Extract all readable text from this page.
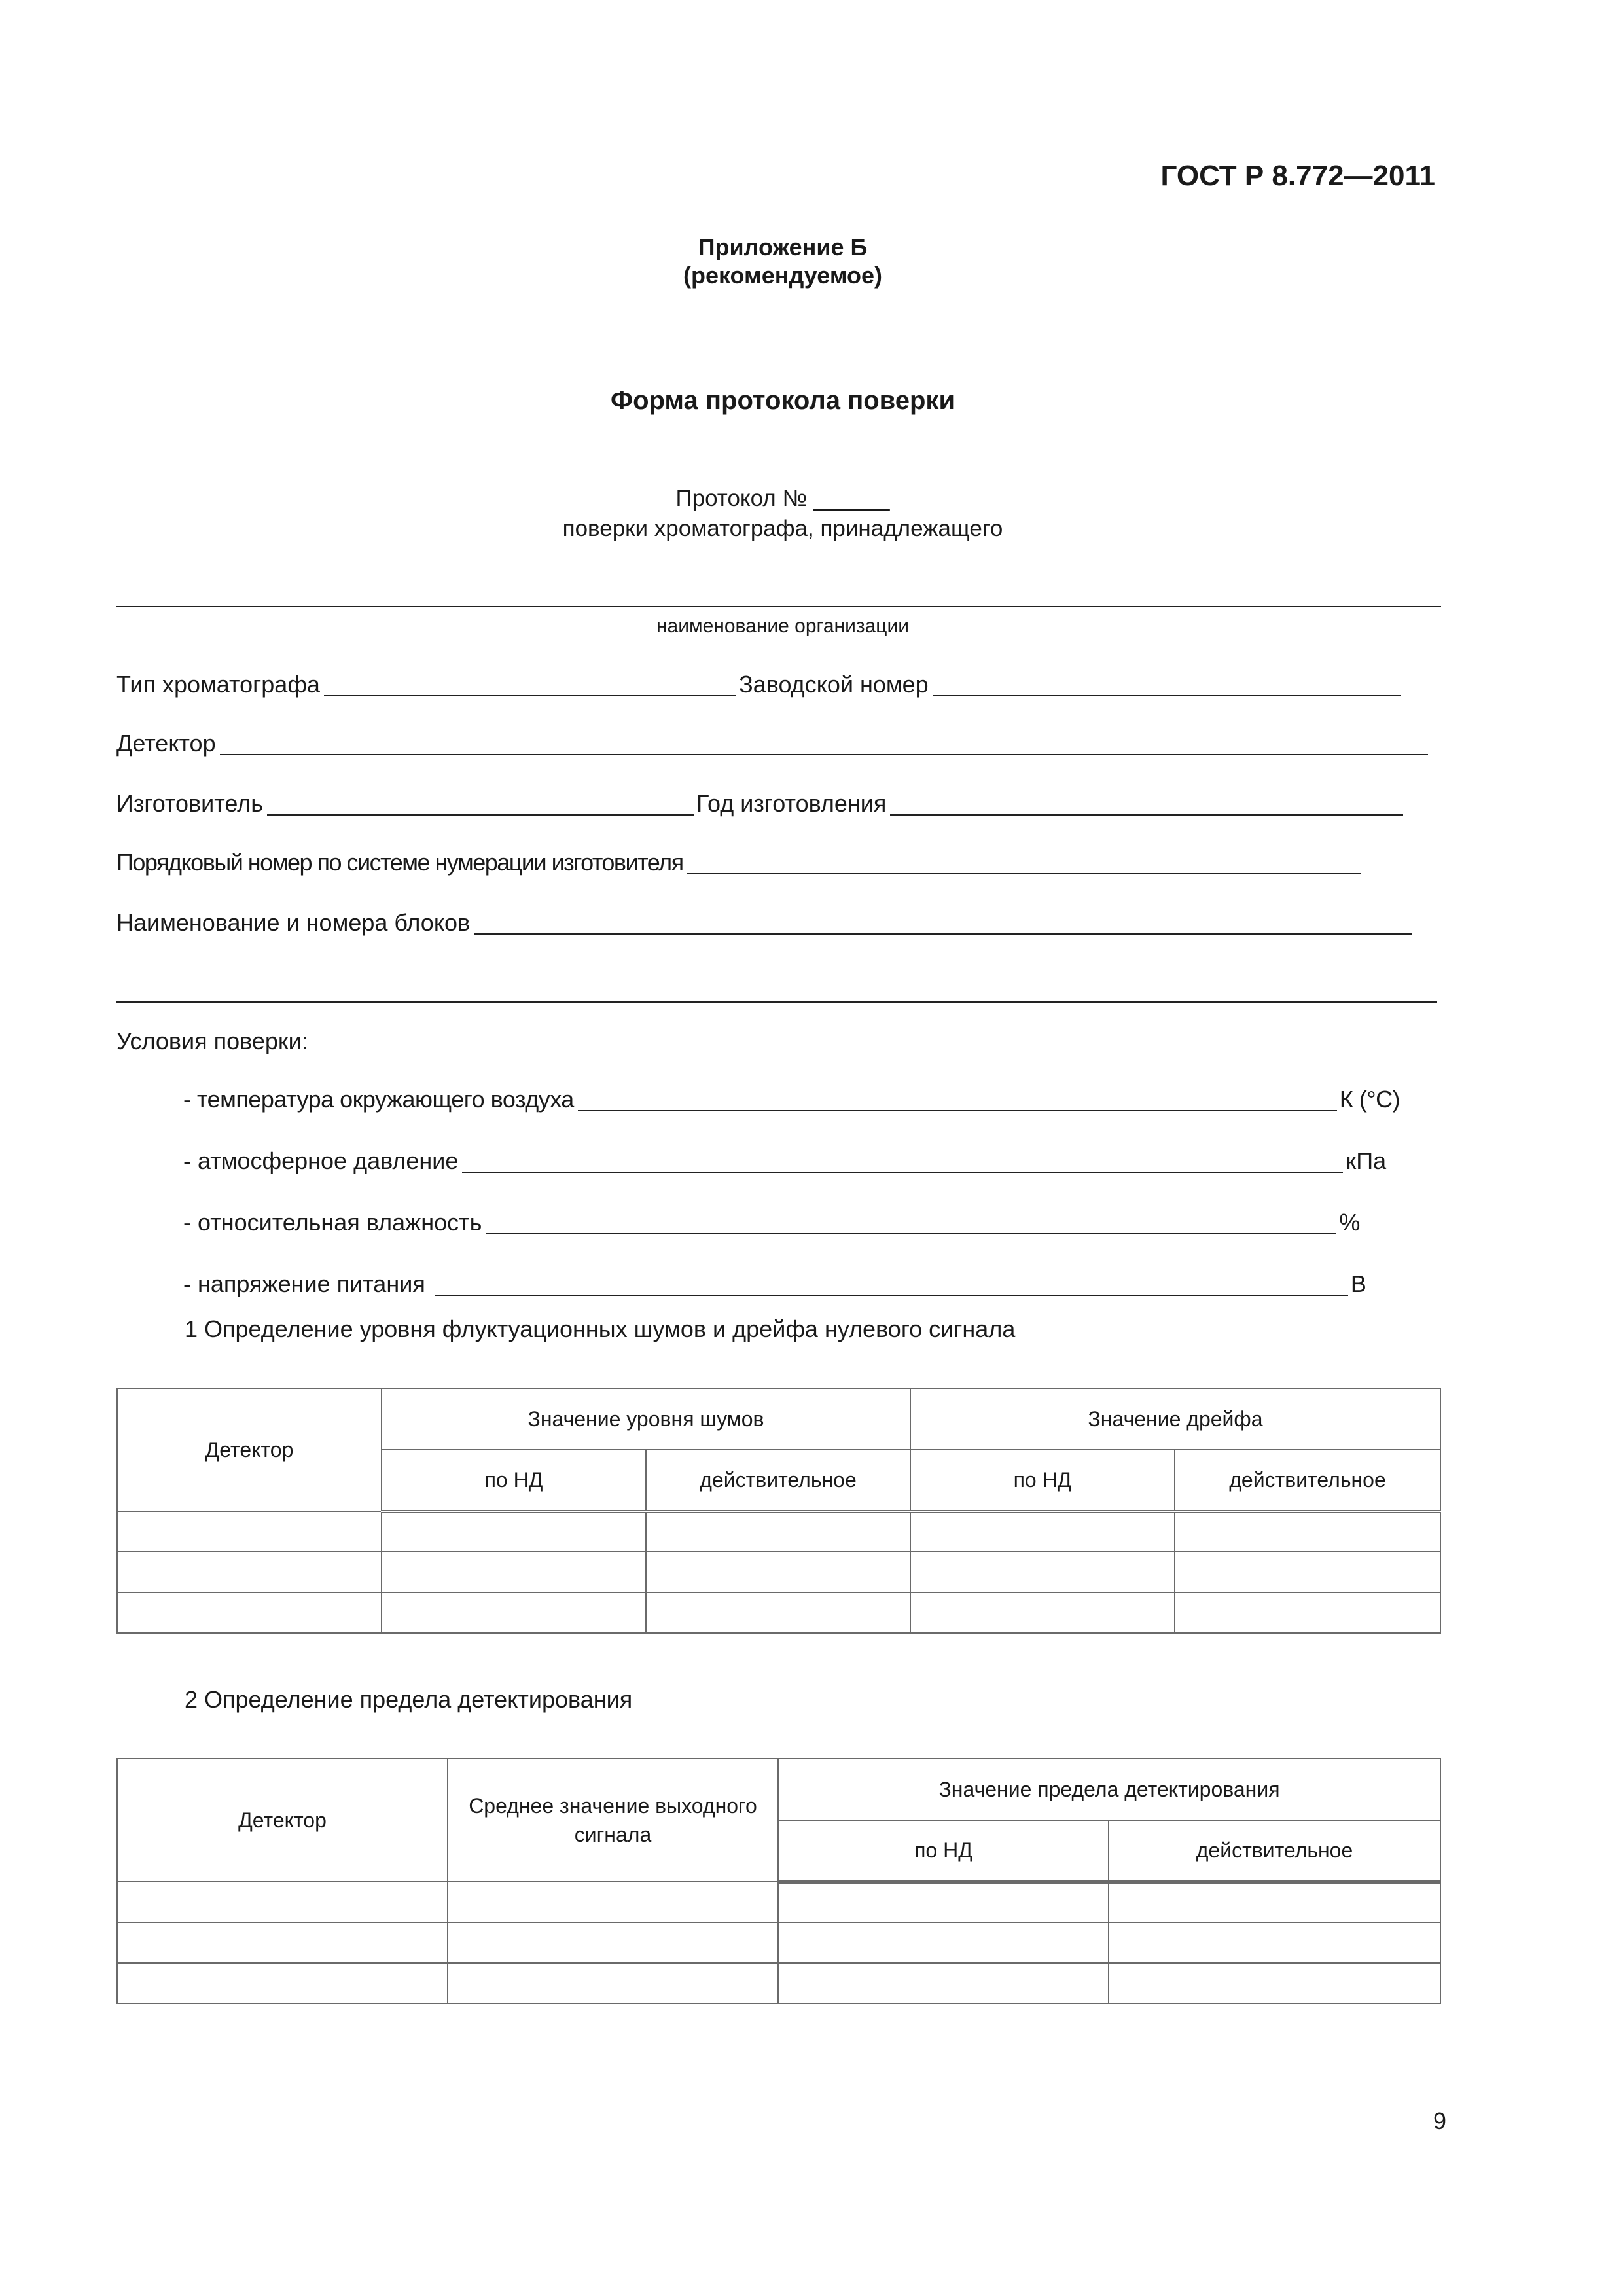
ГОСТ Р 8.772—2011
Приложение Б
(рекомендуемое)
Форма протокола поверки
Протокол № ______
поверки хроматографа, принадлежащего
наименование организации
Тип хроматографа	Заводской номер
Детектор
Изготовитель	Год изготовления
Порядковый номер по системе нумерации изготовителя
Наименование и номера блоков
Условия поверки:
- температура окружающего воздуха	К (°С)
- атмосферное давление	кПа
- относительная влажность	%
- напряжение питания	В
1 Определение уровня флуктуационных шумов и дрейфа нулевого сигнала
Детектор	Значение уровня шумов		Значение дрейфа	
	по НД	действительное	по НД	действительное

2 Определение предела детектирования
Детектор	Среднее значение выходного сигнала	Значение предела детектирования	
		по НД	действительное

9
